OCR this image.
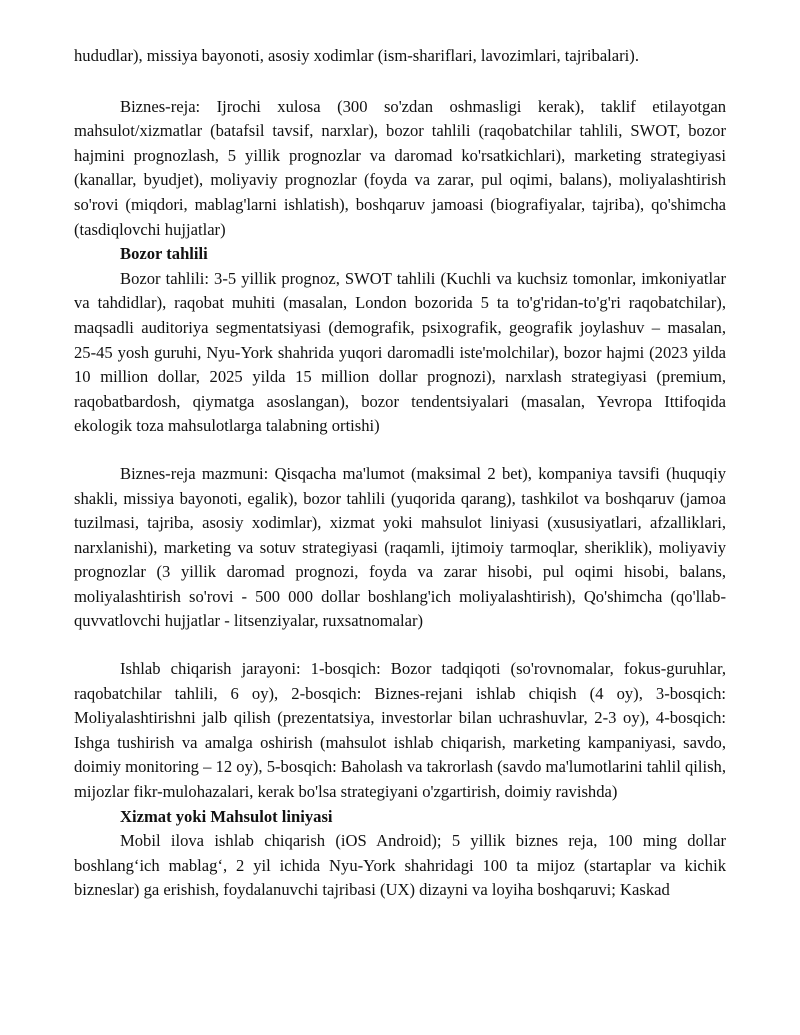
hududlar), missiya bayonoti, asosiy xodimlar (ism-shariflari, lavozimlari, tajribalari).

Biznes-reja: Ijrochi xulosa (300 so'zdan oshmasligi kerak), taklif etilayotgan mahsulot/xizmatlar (batafsil tavsif, narxlar), bozor tahlili (raqobatchilar tahlili, SWOT, bozor hajmini prognozlash, 5 yillik prognozlar va daromad ko'rsatkichlari), marketing strategiyasi (kanallar, byudjet), moliyaviy prognozlar (foyda va zarar, pul oqimi, balans), moliyalashtirish so'rovi (miqdori, mablag'larni ishlatish), boshqaruv jamoasi (biografiyalar, tajriba), qo'shimcha (tasdiqlovchi hujjatlar)

Bozor tahlili

Bozor tahlili: 3-5 yillik prognoz, SWOT tahlili (Kuchli va kuchsiz tomonlar, imkoniyatlar va tahdidlar), raqobat muhiti (masalan, London bozorida 5 ta to'g'ridan-to'g'ri raqobatchilar), maqsadli auditoriya segmentatsiyasi (demografik, psixografik, geografik joylashuv – masalan, 25-45 yosh guruhi, Nyu-York shahrida yuqori daromadli iste'molchilar), bozor hajmi (2023 yilda 10 million dollar, 2025 yilda 15 million dollar prognozi), narxlash strategiyasi (premium, raqobatbardosh, qiymatga asoslangan), bozor tendentsiyalari (masalan, Yevropa Ittifoqida ekologik toza mahsulotlarga talabning ortishi)

Biznes-reja mazmuni: Qisqacha ma'lumot (maksimal 2 bet), kompaniya tavsifi (huquqiy shakli, missiya bayonoti, egalik), bozor tahlili (yuqorida qarang), tashkilot va boshqaruv (jamoa tuzilmasi, tajriba, asosiy xodimlar), xizmat yoki mahsulot liniyasi (xususiyatlari, afzalliklari, narxlanishi), marketing va sotuv strategiyasi (raqamli, ijtimoiy tarmoqlar, sheriklik), moliyaviy prognozlar (3 yillik daromad prognozi, foyda va zarar hisobi, pul oqimi hisobi, balans, moliyalashtirish so'rovi - 500 000 dollar boshlang'ich moliyalashtirish), Qo'shimcha (qo'llab-quvvatlovchi hujjatlar - litsenziyalar, ruxsatnomalar)

Ishlab chiqarish jarayoni: 1-bosqich: Bozor tadqiqoti (so'rovnomalar, fokus-guruhlar, raqobatchilar tahlili, 6 oy), 2-bosqich: Biznes-rejani ishlab chiqish (4 oy), 3-bosqich: Moliyalashtirishni jalb qilish (prezentatsiya, investorlar bilan uchrashuvlar, 2-3 oy), 4-bosqich: Ishga tushirish va amalga oshirish (mahsulot ishlab chiqarish, marketing kampaniyasi, savdo, doimiy monitoring – 12 oy), 5-bosqich: Baholash va takrorlash (savdo ma'lumotlarini tahlil qilish, mijozlar fikr-mulohazalari, kerak bo'lsa strategiyani o'zgartirish, doimiy ravishda)

Xizmat yoki Mahsulot liniyasi

Mobil ilova ishlab chiqarish (iOS Android); 5 yillik biznes reja, 100 ming dollar boshlang‘ich mablag‘, 2 yil ichida Nyu-York shahridagi 100 ta mijoz (startaplar va kichik bizneslar) ga erishish, foydalanuvchi tajribasi (UX) dizayni va loyiha boshqaruvi; Kaskad
